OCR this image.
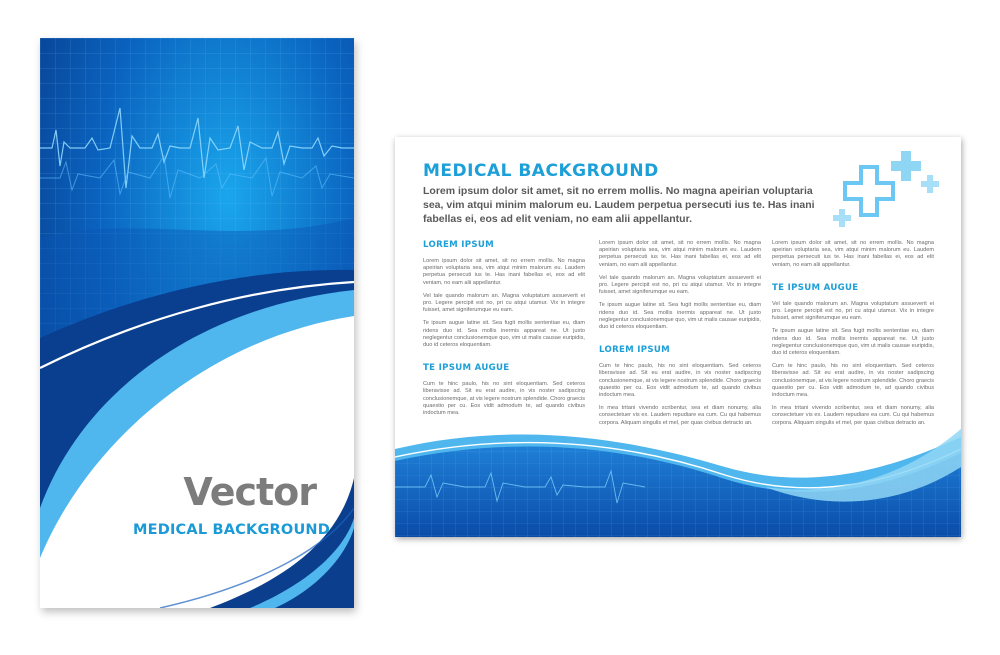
Vector
MEDICAL BACKGROUND
MEDICAL BACKGROUND
Lorem ipsum dolor sit amet, sit no errem mollis. No magna apeirian voluptaria sea, vim atqui minim malorum eu. Laudem perpetua persecuti ius te. Has inani fabellas ei, eos ad elit veniam, no eam alii appellantur.
LOREM IPSUM

Lorem ipsum dolor sit amet, sit no errem mollis. No magna apeirian voluptaria sea, vim atqui minim malorum eu. Laudem perpetua persecuti ius te. Has inani fabellas ei, eos ad elit veniam, no eam alii appellantur.

Vel tale quando malorum an. Magna voluptatum assueverit ei pro. Legere percipit est no, pri cu atqui utamur. Vix in integre fuisset, amet signiferumque eu eam.

Te ipsum augue latine sit. Sea fugit mollis sententiae eu, diam ridens duo id. Sea mollis inermis appareat ne. Ut justo neglegentur conclusionemque quo, vim ut malis causae euripidis, duo id ceteros eloquentiam.

TE IPSUM AUGUE

Cum te hinc paulo, his no sint eloquentiam. Sed ceteros liberavisse ad. Sit eu erat audire, in vis noster sadipscing conclusionemque, at vis legere nostrum splendide. Choro graecis quaestio per cu. Eos vidit admodum te, ad quando civibus indoctum mea.

Lorem ipsum dolor sit amet, sit no errem mollis. No magna apeirian voluptaria sea, vim atqui minim malorum eu. Laudem perpetua persecuti ius te. Has inani fabellas ei, eos ad elit veniam, no eam alii appellantur.

Vel tale quando malorum an. Magna voluptatum assueverit ei pro. Legere percipit est no, pri cu atqui utamur. Vix in integre fuisset, amet signiferumque eu eam.

Te ipsum augue latine sit. Sea fugit mollis sententiae eu, diam ridens duo id. Sea mollis inermis appareat ne. Ut justo neglegentur conclusionemque quo, vim ut malis causae euripidis, duo id ceteros eloquentiam.

LOREM IPSUM

Cum te hinc paulo, his no sint eloquentiam. Sed ceteros liberavisse ad. Sit eu erat audire, in vis noster sadipscing conclusionemque, at vis legere nostrum splendide. Choro graecis quaestio per cu. Eos vidit admodum te, ad quando civibus indoctum mea.

In mea tritani vivendo scribentur, sea et diam nonumy, alia consectetuer vis ex. Laudem repudiare ea cum. Cu qui habemus corpora. Aliquam singulis et mel, per quas civibus detracto an.

Lorem ipsum dolor sit amet, sit no errem mollis. No magna apeirian voluptaria sea, vim atqui minim malorum eu. Laudem perpetua persecuti ius te. Has inani fabellas ei, eos ad elit veniam, no eam alii appellantur.

TE IPSUM AUGUE

Vel tale quando malorum an. Magna voluptatum assueverit ei pro. Legere percipit est no, pri cu atqui utamur. Vix in integre fuisset, amet signiferumque eu eam.

Te ipsum augue latine sit. Sea fugit mollis sententiae eu, diam ridens duo id. Sea mollis inermis appareat ne. Ut justo neglegentur conclusionemque quo, vim ut malis causae euripidis, duo id ceteros eloquentiam.

Cum te hinc paulo, his no sint eloquentiam. Sed ceteros liberavisse ad. Sit eu erat audire, in vis noster sadipscing conclusionemque, at vis legere nostrum splendide. Choro graecis quaestio per cu. Eos vidit admodum te, ad quando civibus indoctum mea.

In mea tritani vivendo scribentur, sea et diam nonumy, alia consectetuer vis ex. Laudem repudiare ea cum. Cu qui habemus corpora. Aliquam singulis et mel, per quas civibus detracto an.
